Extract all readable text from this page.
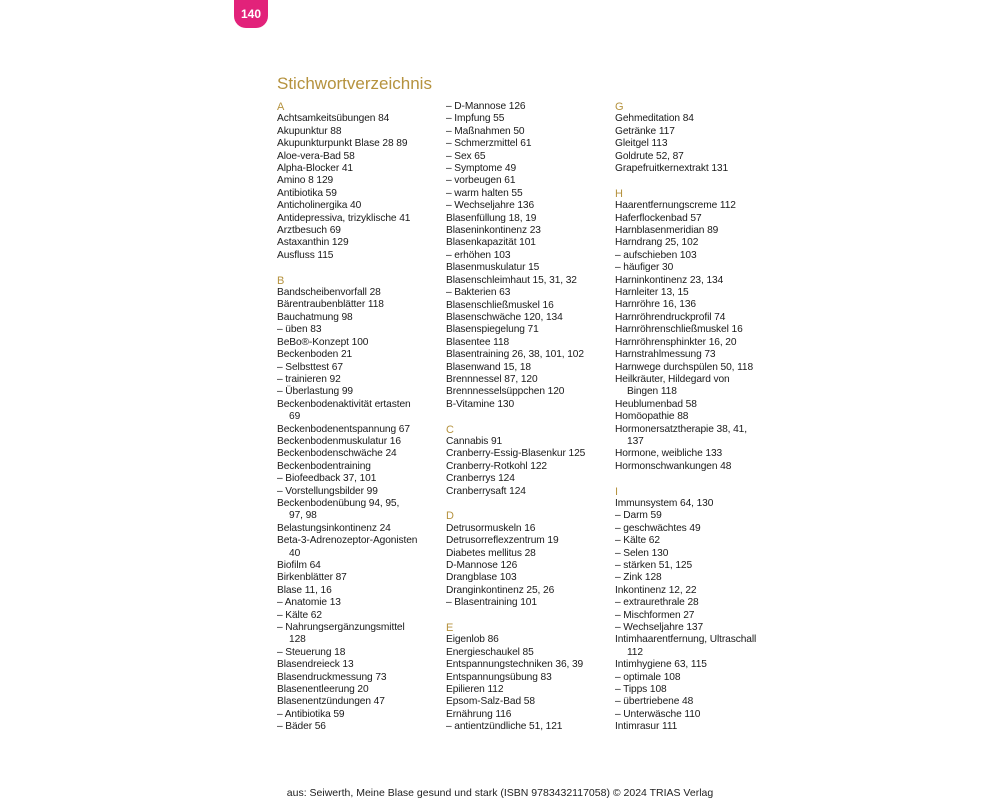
140
Stichwortverzeichnis
A
Achtsamkeitsübungen 84
Akupunktur 88
Akupunkturpunkt Blase 28 89
Aloe-vera-Bad 58
Alpha-Blocker 41
Amino 8 129
Antibiotika 59
Anticholinergika 40
Antidepressiva, trizyklische 41
Arztbesuch 69
Astaxanthin 129
Ausfluss 115
B
Bandscheibenvorfall 28
Bärentraubenblätter 118
Bauchatmung 98
– üben 83
BeBo®-Konzept 100
Beckenboden 21
– Selbsttest 67
– trainieren 92
– Überlastung 99
Beckenbodenaktivität ertasten
69
Beckenbodenentspannung 67
Beckenbodenmuskulatur 16
Beckenbodenschwäche 24
Beckenbodentraining
– Biofeedback 37, 101
– Vorstellungsbilder 99
Beckenbodenübung 94, 95,
97, 98
Belastungsinkontinenz 24
Beta-3-Adrenozeptor-Agonisten
40
Biofilm 64
Birkenblätter 87
Blase 11, 16
– Anatomie 13
– Kälte 62
– Nahrungsergänzungsmittel
128
– Steuerung 18
Blasendreieck 13
Blasendruckmessung 73
Blasenentleerung 20
Blasenentzündungen 47
– Antibiotika 59
– Bäder 56
– D-Mannose 126
– Impfung 55
– Maßnahmen 50
– Schmerzmittel 61
– Sex 65
– Symptome 49
– vorbeugen 61
– warm halten 55
– Wechseljahre 136
Blasenfüllung 18, 19
Blaseninkontinenz 23
Blasenkapazität 101
– erhöhen 103
Blasenmuskulatur 15
Blasenschleimhaut 15, 31, 32
– Bakterien 63
Blasenschließmuskel 16
Blasenschwäche 120, 134
Blasenspiegelung 71
Blasentee 118
Blasentraining 26, 38, 101, 102
Blasenwand 15, 18
Brennnessel 87, 120
Brennnesselsüppchen 120
B-Vitamine 130
C
Cannabis 91
Cranberry-Essig-Blasenkur 125
Cranberry-Rotkohl 122
Cranberrys 124
Cranberrysaft 124
D
Detrusormuskeln 16
Detrusorreflexzentrum 19
Diabetes mellitus 28
D-Mannose 126
Drangblase 103
Dranginkontinenz 25, 26
– Blasentraining 101
E
Eigenlob 86
Energieschaukel 85
Entspannungstechniken 36, 39
Entspannungsübung 83
Epilieren 112
Epsom-Salz-Bad 58
Ernährung 116
– antientzündliche 51, 121
G
Gehmeditation 84
Getränke 117
Gleitgel 113
Goldrute 52, 87
Grapefruitkernextrakt 131
H
Haarentfernungscreme 112
Haferflockenbad 57
Harnblasenmeridian 89
Harndrang 25, 102
– aufschieben 103
– häufiger 30
Harninkontinenz 23, 134
Harnleiter 13, 15
Harnröhre 16, 136
Harnröhrendruckprofil 74
Harnröhrenschließmuskel 16
Harnröhrensphinkter 16, 20
Harnstrahlmessung 73
Harnwege durchspülen 50, 118
Heilkräuter, Hildegard von
Bingen 118
Heublumenbad 58
Homöopathie 88
Hormonersatztherapie 38, 41,
137
Hormone, weibliche 133
Hormonschwankungen 48
I
Immunsystem 64, 130
– Darm 59
– geschwächtes 49
– Kälte 62
– Selen 130
– stärken 51, 125
– Zink 128
Inkontinenz 12, 22
– extraurethrale 28
– Mischformen 27
– Wechseljahre 137
Intimhaarentfernung, Ultraschall
112
Intimhygiene 63, 115
– optimale 108
– Tipps 108
– übertriebene 48
– Unterwäsche 110
Intimrasur 111
aus: Seiwerth, Meine Blase gesund und stark (ISBN 9783432117058) © 2024 TRIAS Verlag
